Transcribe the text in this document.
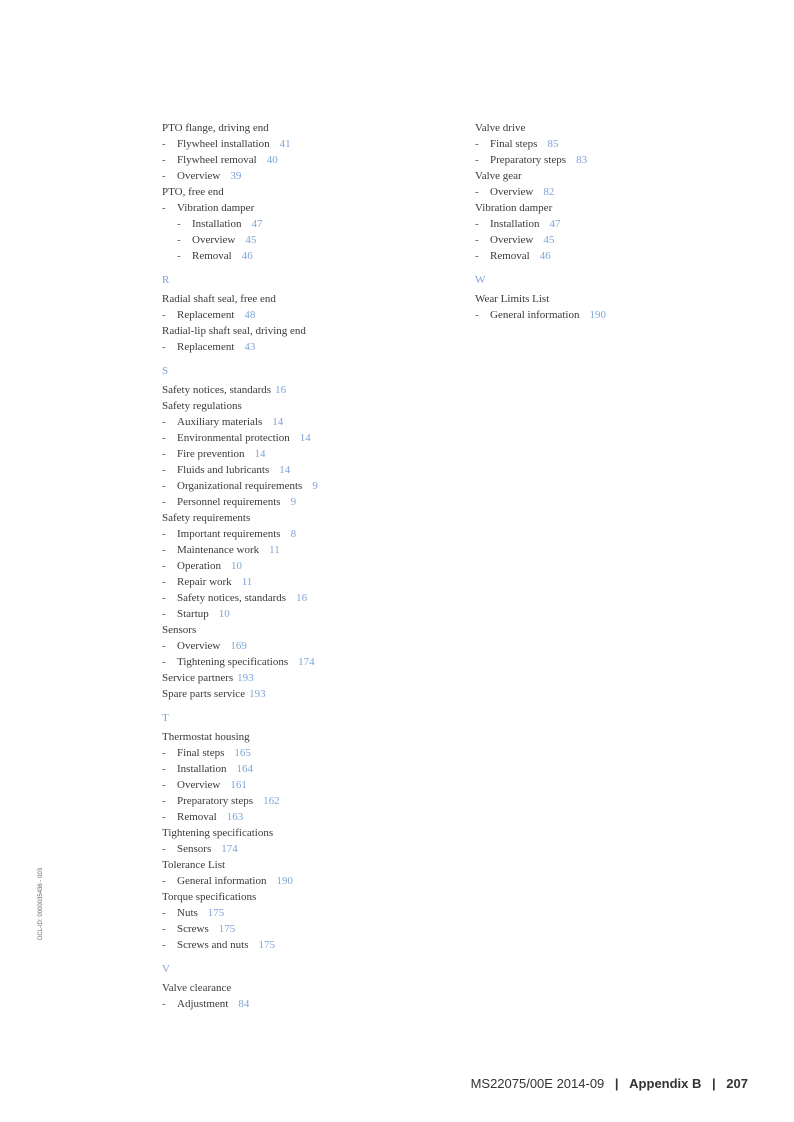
PTO flange, driving end
-	Flywheel installation 41
-	Flywheel removal 40
-	Overview 39
PTO, free end
-	Vibration damper
-	Installation 47
-	Overview 45
-	Removal 46
R
Radial shaft seal, free end
-	Replacement 48
Radial-lip shaft seal, driving end
-	Replacement 43
S
Safety notices, standards 16
Safety regulations
-	Auxiliary materials 14
-	Environmental protection 14
-	Fire prevention 14
-	Fluids and lubricants 14
-	Organizational requirements 9
-	Personnel requirements 9
Safety requirements
-	Important requirements 8
-	Maintenance work 11
-	Operation 10
-	Repair work 11
-	Safety notices, standards 16
-	Startup 10
Sensors
-	Overview 169
-	Tightening specifications 174
Service partners 193
Spare parts service 193
T
Thermostat housing
-	Final steps 165
-	Installation 164
-	Overview 161
-	Preparatory steps 162
-	Removal 163
Tightening specifications
-	Sensors 174
Tolerance List
-	General information 190
Torque specifications
-	Nuts 175
-	Screws 175
-	Screws and nuts 175
V
Valve clearance
-	Adjustment 84
Valve drive
-	Final steps 85
-	Preparatory steps 83
Valve gear
-	Overview 82
Vibration damper
-	Installation 47
-	Overview 45
-	Removal 46
W
Wear Limits List
-	General information 190
DCL-ID: 0000035436 - 003
MS22075/00E 2014-09 | Appendix B | 207
